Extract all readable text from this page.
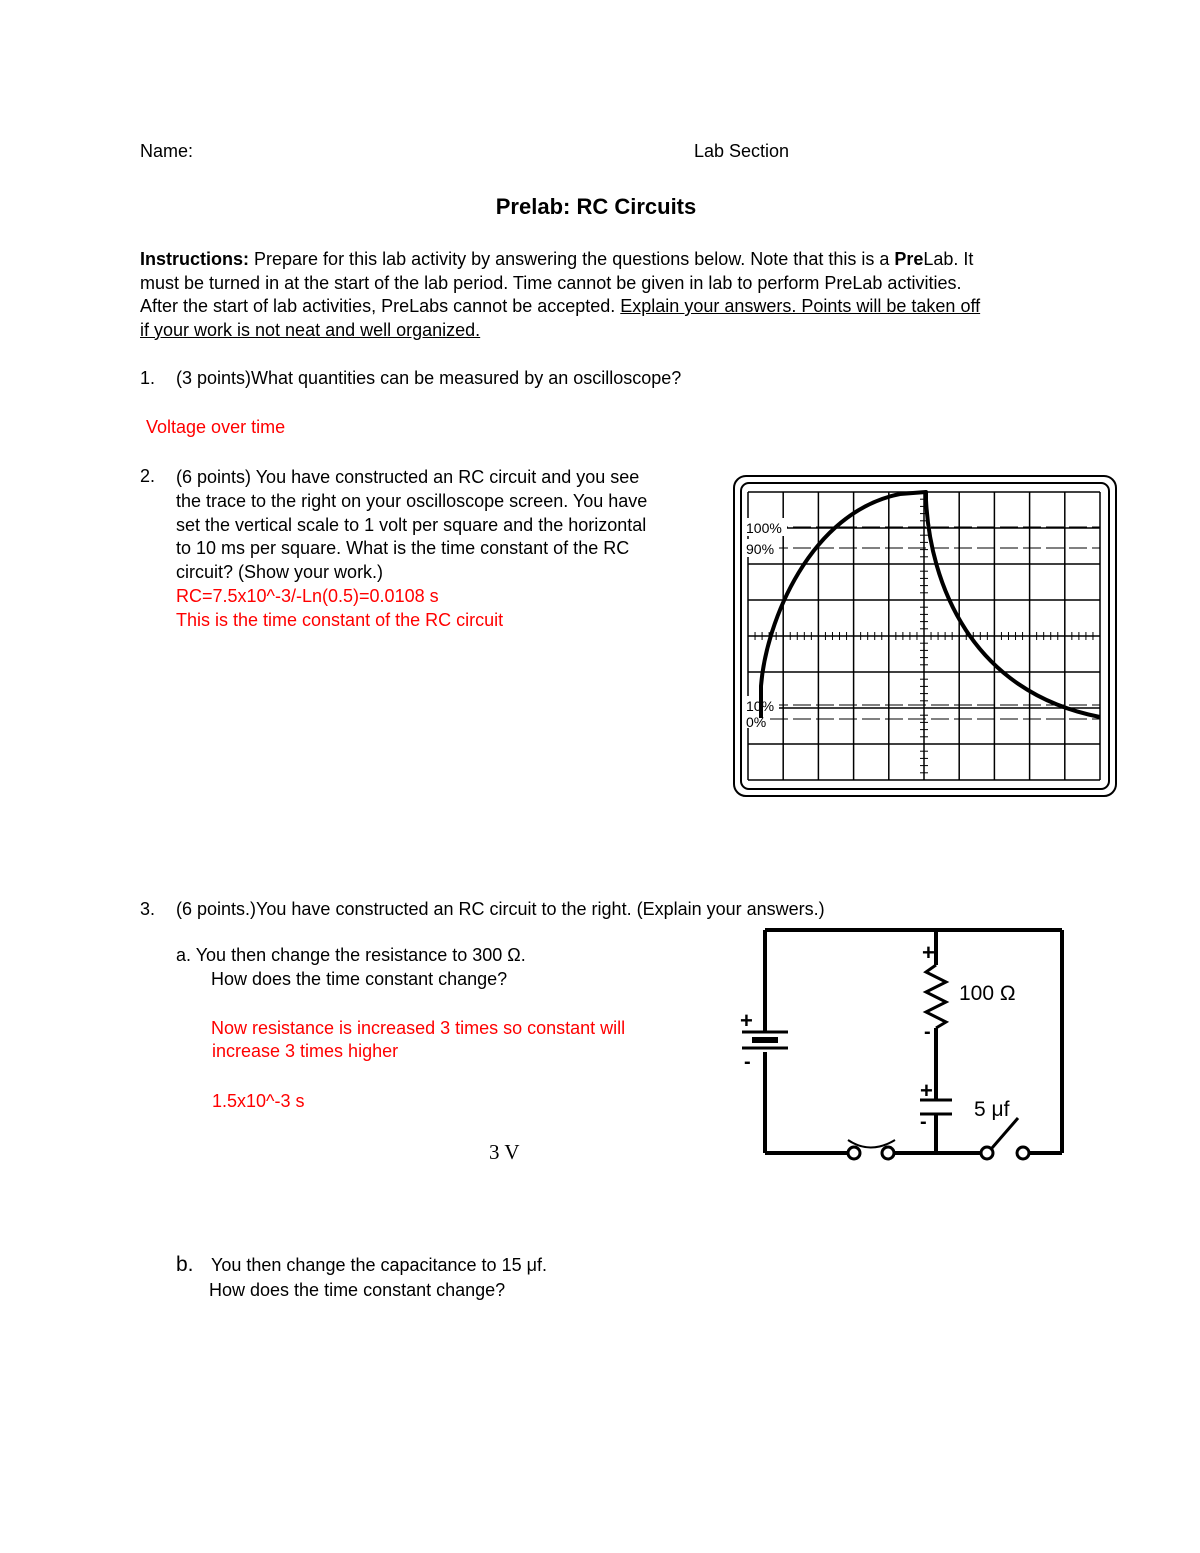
Name:	Lab Section
Prelab: RC Circuits
Instructions: Prepare for this lab activity by answering the questions below. Note that this is a PreLab. It
must be turned in at the start of the lab period. Time cannot be given in lab to perform PreLab activities.
After the start of lab activities, PreLabs cannot be accepted. Explain your answers. Points will be taken off
if your work is not neat and well organized.
1. (3 points)What quantities can be measured by an oscilloscope?
Voltage over time
2. (6 points) You have constructed an RC circuit and you see
the trace to the right on your oscilloscope screen. You have
set the vertical scale to 1 volt per square and the horizontal
to 10 ms per square. What is the time constant of the RC
circuit? (Show your work.)
RC=7.5x10^-3/-Ln(0.5)=0.0108 s
This is the time constant of the RC circuit
100%
90%
10%
0%
3. (6 points.)You have constructed an RC circuit to the right. (Explain your answers.)
a. You then change the resistance to 300 Ω.
How does the time constant change?
Now resistance is increased 3 times so constant will
increase 3 times higher
1.5x10^-3 s
3 V
b. You then change the capacitance to 15 μf.
How does the time constant change?
+
-
+
-
+
-
100 Ω
5 μf
